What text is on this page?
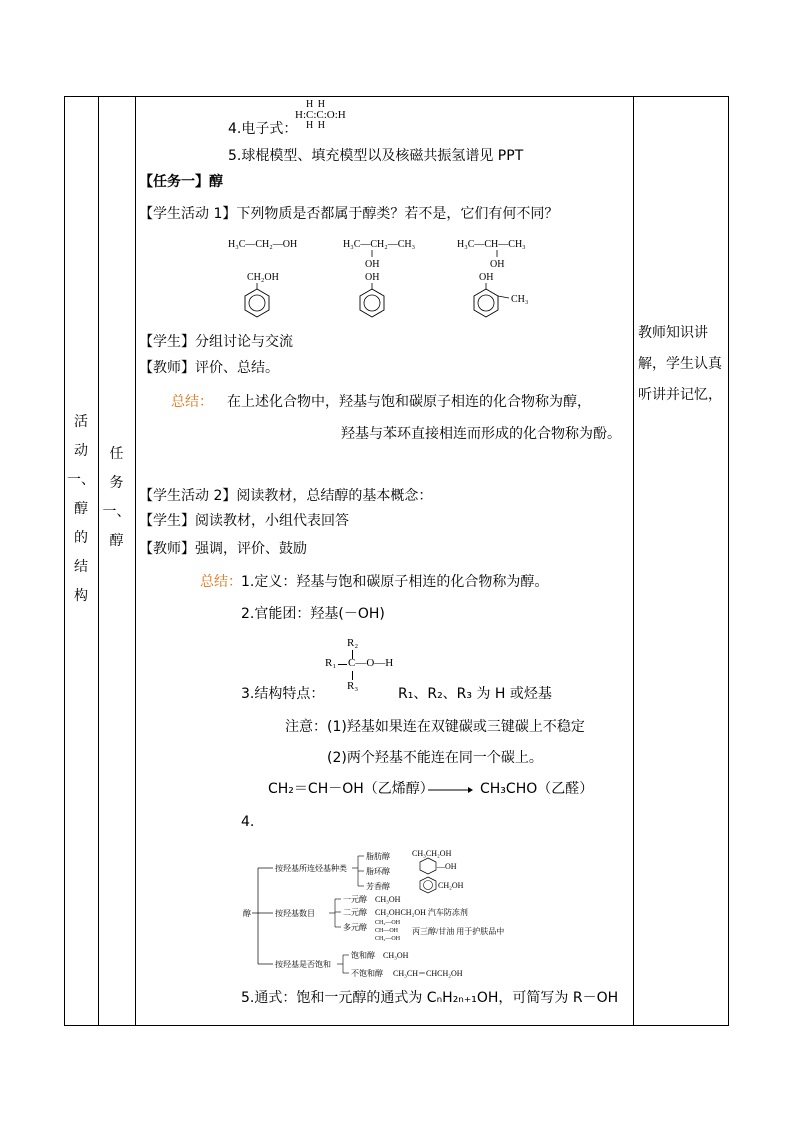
活
动
一、
醇
的
结
构
任
务
一、
醇
教师知识讲解，学生认真听讲并记忆，
4.电子式：
H H
H:C:C:O:H
H H
5.球棍模型、填充模型以及核磁共振氢谱见 PPT
【任务一】醇
【学生活动 1】下列物质是否都属于醇类？若不是，它们有何不同？
H₃C—CH₂—OH	H₃C—CH₂—CH₃
OH
H₃C—CH—CH₃
OH
CH₂OH	OH	OH
CH₃
【学生】分组讨论与交流
【教师】评价、总结。
总结： 在上述化合物中，羟基与饱和碳原子相连的化合物称为醇，
羟基与苯环直接相连而形成的化合物称为酚。
【学生活动 2】阅读教材，总结醇的基本概念：
【学生】阅读教材，小组代表回答
【教师】强调，评价、鼓励
总结： 1.定义：羟基与饱和碳原子相连的化合物称为醇。
2.官能团：羟基(－OH)
R₂
R₁ C—O—H
R₃
3.结构特点：	R₁、R₂、R₃ 为 H 或烃基
注意：(1)羟基如果连在双键碳或三键碳上不稳定
(2)两个羟基不能连在同一个碳上。
CH₂＝CH－OH（乙烯醇） → CH₃CHO（乙醛）
4.
醇
按羟基所连烃基种类
脂肪醇	CH₃CH₂OH
脂环醇
—OH
芳香醇	CH₂OH
按羟基数目
一元醇 CH₃OH
二元醇 CH₂OHCH₂OH 汽车防冻剂
多元醇 CH₂—OH
CH—OH
CH₂—OH
丙三醇/甘油 用于护肤品中
按羟基是否饱和
饱和醇 CH₃OH
不饱和醇 CH₃CH＝CHCH₂OH
5.通式：饱和一元醇的通式为 CₙH₂ₙ₊₁OH，可简写为 R－OH
